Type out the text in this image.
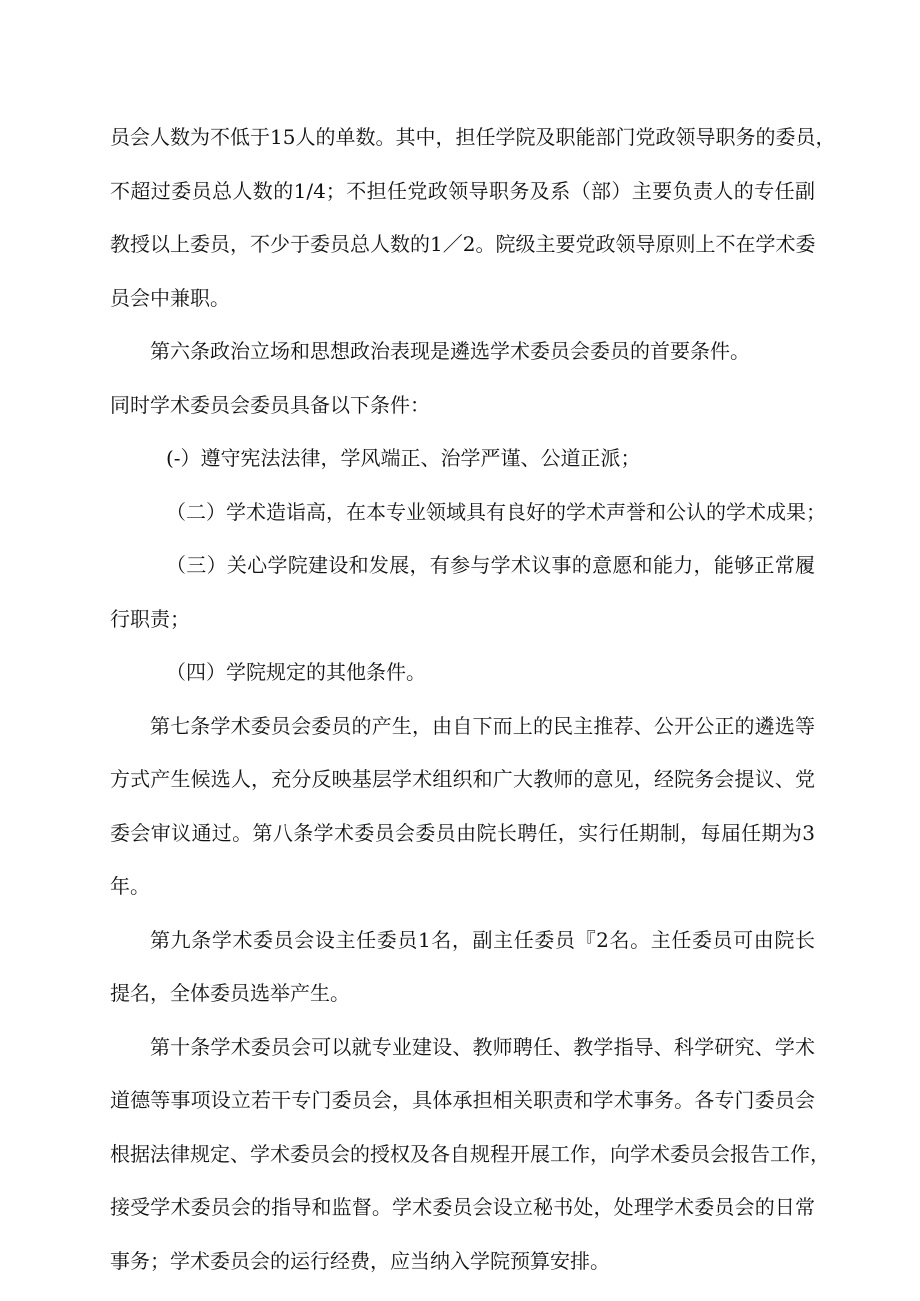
员会人数为不低于15人的单数。其中，担任学院及职能部门党政领导职务的委员，
不超过委员总人数的1/4；不担任党政领导职务及系（部）主要负责人的专任副
教授以上委员，不少于委员总人数的1／2。院级主要党政领导原则上不在学术委
员会中兼职。
第六条政治立场和思想政治表现是遴选学术委员会委员的首要条件。
同时学术委员会委员具备以下条件：
(-）遵守宪法法律，学风端正、治学严谨、公道正派；
（二）学术造诣高，在本专业领域具有良好的学术声誉和公认的学术成果；
（三）关心学院建设和发展，有参与学术议事的意愿和能力，能够正常履
行职责；
（四）学院规定的其他条件。
第七条学术委员会委员的产生，由自下而上的民主推荐、公开公正的遴选等
方式产生候选人，充分反映基层学术组织和广大教师的意见，经院务会提议、党
委会审议通过。第八条学术委员会委员由院长聘任，实行任期制，每届任期为3
年。
第九条学术委员会设主任委员1名，副主任委员『2名。主任委员可由院长
提名，全体委员选举产生。
第十条学术委员会可以就专业建设、教师聘任、教学指导、科学研究、学术
道德等事项设立若干专门委员会，具体承担相关职责和学术事务。各专门委员会
根据法律规定、学术委员会的授权及各自规程开展工作，向学术委员会报告工作，
接受学术委员会的指导和监督。学术委员会设立秘书处，处理学术委员会的日常
事务；学术委员会的运行经费，应当纳入学院预算安排。
